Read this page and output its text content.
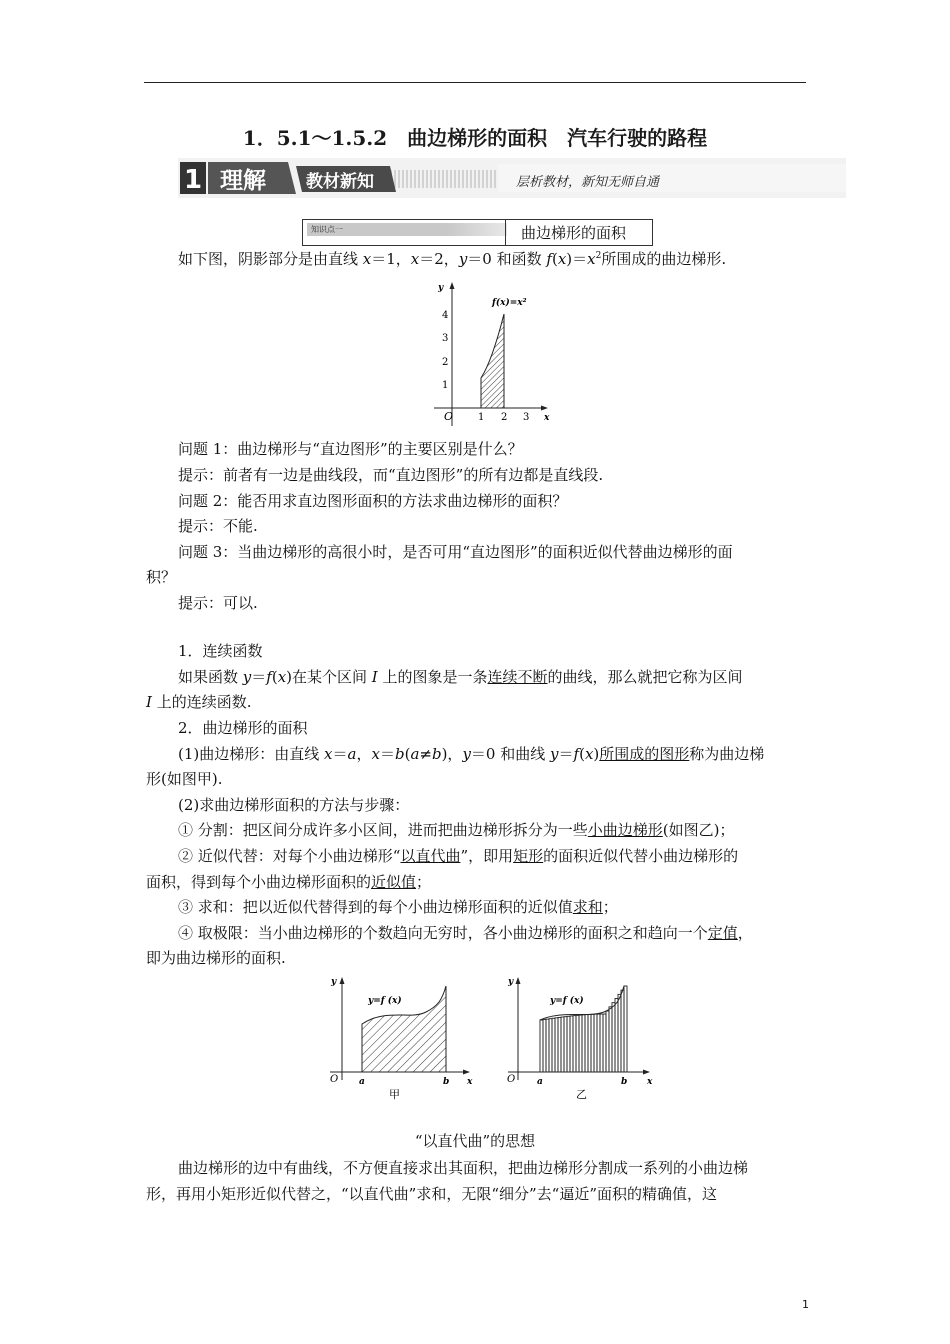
1．5.1～1.5.2　曲边梯形的面积　汽车行驶的路程
1 理解 教材新知	层析教材，新知无师自通
知识点一	曲边梯形的面积
如下图，阴影部分是由直线 x＝1，x＝2，y＝0 和函数 $f(x)=x^2$所围成的曲边梯形.
y
x
O
1
2
3
4
1 2 3
f(x)=x²
问题 1：曲边梯形与“直边图形”的主要区别是什么？
提示：前者有一边是曲线段，而“直边图形”的所有边都是直线段.
问题 2：能否用求直边图形面积的方法求曲边梯形的面积？
提示：不能.
问题 3：当曲边梯形的高很小时，是否可用“直边图形”的面积近似代替曲边梯形的面
积？
提示：可以.
1．连续函数
如果函数 y＝f(x)在某个区间 I 上的图象是一条连续不断的曲线，那么就把它称为区间
I 上的连续函数.
2．曲边梯形的面积
(1)曲边梯形：由直线 x＝a，x＝b(a≠b)，y＝0 和曲线 y＝f(x)所围成的图形称为曲边梯
形(如图甲).
(2)求曲边梯形面积的方法与步骤：
① 分割：把区间分成许多小区间，进而把曲边梯形拆分为一些小曲边梯形(如图乙)；
② 近似代替：对每个小曲边梯形“以直代曲”，即用矩形的面积近似代替小曲边梯形的
面积，得到每个小曲边梯形面积的近似值；
③ 求和：把以近似代替得到的每个小曲边梯形面积的近似值求和；
④ 取极限：当小曲边梯形的个数趋向无穷时，各小曲边梯形的面积之和趋向一个定值，
即为曲边梯形的面积.
y
x
O a	b
y=f (x)
甲
y
x
O a	b
y=f (x)
乙
“以直代曲”的思想
曲边梯形的边中有曲线，不方便直接求出其面积，把曲边梯形分割成一系列的小曲边梯
形，再用小矩形近似代替之，“以直代曲”求和，无限“细分”去“逼近”面积的精确值，这
1
